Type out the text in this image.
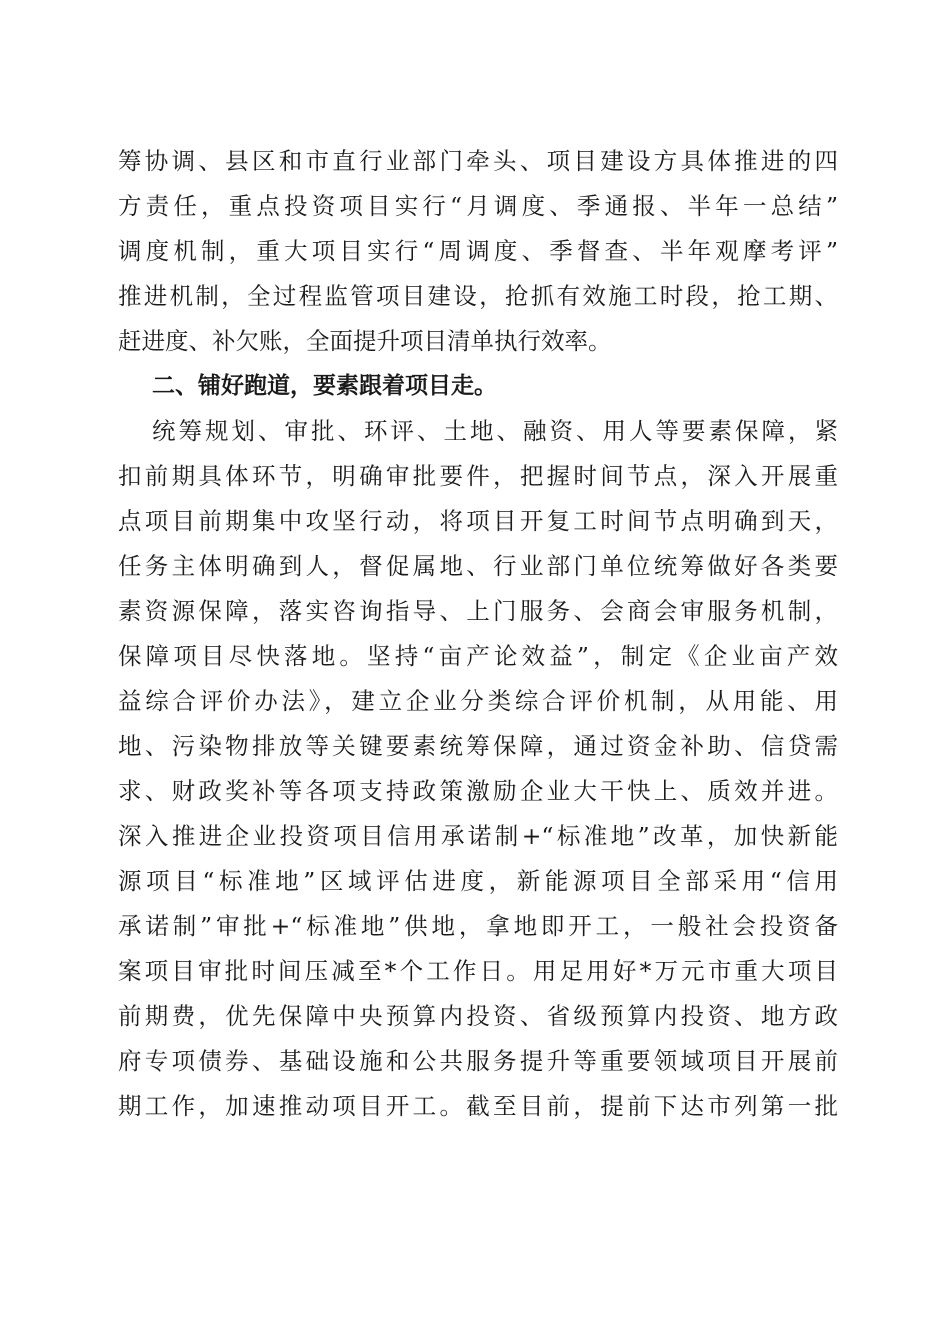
筹协调、县区和市直行业部门牵头、项目建设方具体推进的四
方责任，重点投资项目实行“月调度、季通报、半年一总结”
调度机制，重大项目实行“周调度、季督查、半年观摩考评”
推进机制，全过程监管项目建设，抢抓有效施工时段，抢工期、
赶进度、补欠账，全面提升项目清单执行效率。
二、铺好跑道，要素跟着项目走。
统筹规划、审批、环评、土地、融资、用人等要素保障，紧
扣前期具体环节，明确审批要件，把握时间节点，深入开展重
点项目前期集中攻坚行动，将项目开复工时间节点明确到天，
任务主体明确到人，督促属地、行业部门单位统筹做好各类要
素资源保障，落实咨询指导、上门服务、会商会审服务机制，
保障项目尽快落地。坚持“亩产论效益”，制定《企业亩产效
益综合评价办法》，建立企业分类综合评价机制，从用能、用
地、污染物排放等关键要素统筹保障，通过资金补助、信贷需
求、财政奖补等各项支持政策激励企业大干快上、质效并进。
深入推进企业投资项目信用承诺制+“标准地”改革，加快新能
源项目“标准地”区域评估进度，新能源项目全部采用“信用
承诺制”审批+“标准地”供地，拿地即开工，一般社会投资备
案项目审批时间压减至*个工作日。用足用好*万元市重大项目
前期费，优先保障中央预算内投资、省级预算内投资、地方政
府专项债券、基础设施和公共服务提升等重要领域项目开展前
期工作，加速推动项目开工。截至目前，提前下达市列第一批
